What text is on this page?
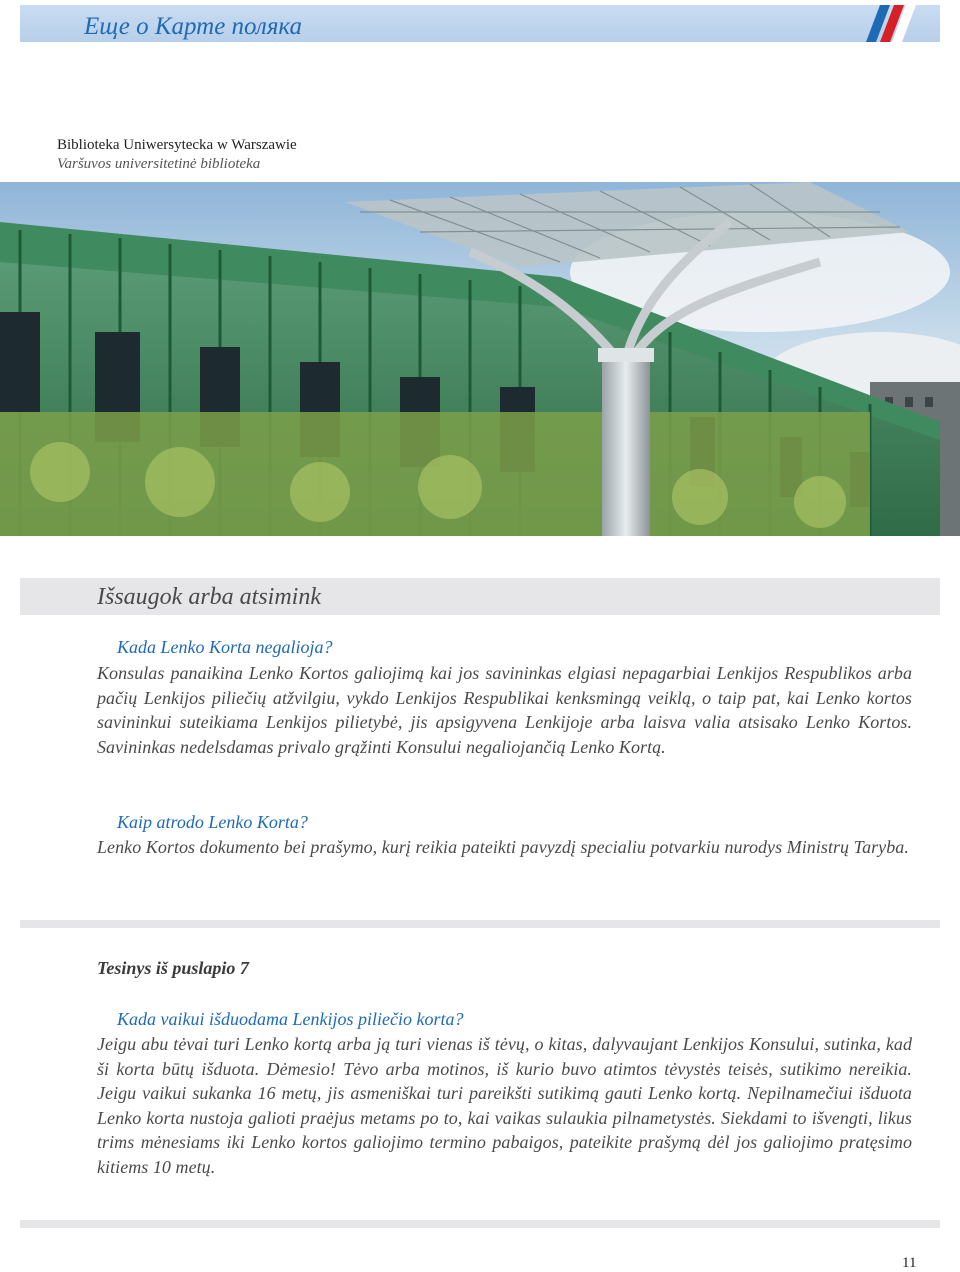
Еще о Карте поляка
Biblioteka Uniwersytecka w Warszawie
Varšuvos universitetinė biblioteka
Išsaugok arba atsimink
Kada Lenko Korta negalioja?

Konsulas panaikina Lenko Kortos galiojimą kai jos savininkas elgiasi nepagarbiai Lenkijos Respublikos arba pačių Lenkijos piliečių atžvilgiu, vykdo Lenkijos Respublikai kenksmingą veiklą, o taip pat, kai Lenko kortos savininkui suteikiama Lenkijos pilietybė, jis apsigyvena Lenkijoje arba laisva valia atsisako Lenko Kortos. Savininkas nedelsdamas privalo grąžinti Konsului negaliojančią Lenko Kortą.

Kaip atrodo Lenko Korta?

Lenko Kortos dokumento bei prašymo, kurį reikia pateikti pavyzdį specialiu potvarkiu nurodys Ministrų Taryba.

Tesinys iš puslapio 7
Kada vaikui išduodama Lenkijos piliečio korta?

Jeigu abu tėvai turi Lenko kortą arba ją turi vienas iš tėvų, o kitas, dalyvaujant Lenkijos Konsului, sutinka, kad ši korta būtų išduota. Dėmesio! Tėvo arba motinos, iš kurio buvo atimtos tėvystės teisės, sutikimo nereikia. Jeigu vaikui sukanka 16 metų, jis asmeniškai turi pareikšti sutikimą gauti Lenko kortą. Nepilnamečiui išduota Lenko korta nustoja galioti praėjus metams po to, kai vaikas sulaukia pilnametystės. Siekdami to išvengti, likus trims mėnesiams iki Lenko kortos galiojimo termino pabaigos, pateikite prašymą dėl jos galiojimo pratęsimo kitiems 10 metų.

11
